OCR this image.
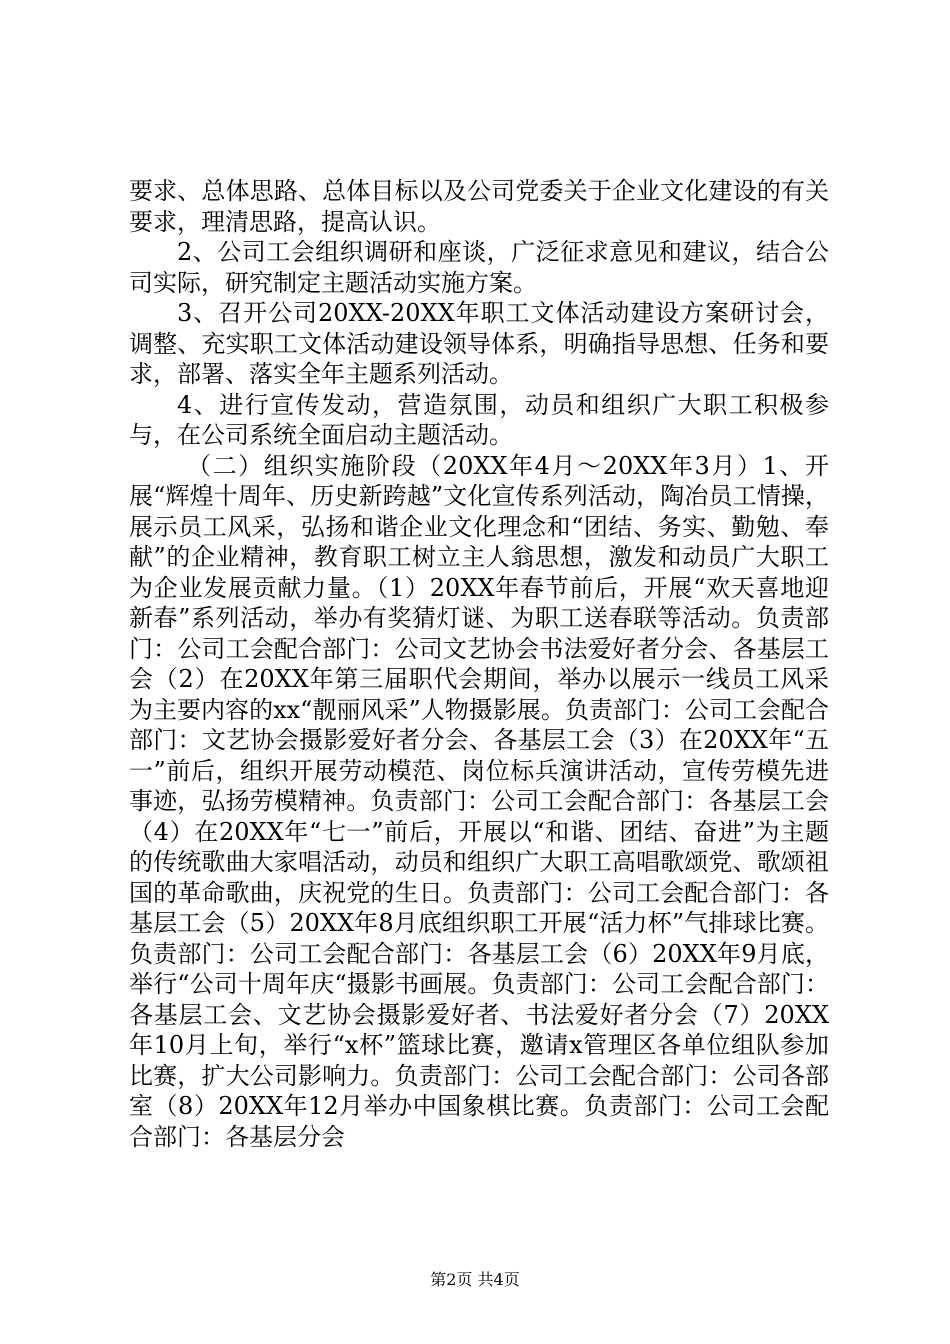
要求、总体思路、总体目标以及公司党委关于企业文化建设的有关要求，理清思路，提高认识。

2、公司工会组织调研和座谈，广泛征求意见和建议，结合公司实际，研究制定主题活动实施方案。

3、召开公司20XX-20XX年职工文体活动建设方案研讨会，调整、充实职工文体活动建设领导体系，明确指导思想、任务和要求，部署、落实全年主题系列活动。

4、进行宣传发动，营造氛围，动员和组织广大职工积极参与，在公司系统全面启动主题活动。

（二）组织实施阶段（20XX年4月～20XX年3月）1、开展“辉煌十周年、历史新跨越”文化宣传系列活动，陶冶员工情操，展示员工风采，弘扬和谐企业文化理念和“团结、务实、勤勉、奉献”的企业精神，教育职工树立主人翁思想，激发和动员广大职工为企业发展贡献力量。（1）20XX年春节前后，开展“欢天喜地迎新春”系列活动，举办有奖猜灯谜、为职工送春联等活动。负责部门：公司工会配合部门：公司文艺协会书法爱好者分会、各基层工会（2）在20XX年第三届职代会期间，举办以展示一线员工风采为主要内容的xx“靓丽风采”人物摄影展。负责部门：公司工会配合部门：文艺协会摄影爱好者分会、各基层工会（3）在20XX年“五一”前后，组织开展劳动模范、岗位标兵演讲活动，宣传劳模先进事迹，弘扬劳模精神。负责部门：公司工会配合部门：各基层工会（4）在20XX年“七一”前后，开展以“和谐、团结、奋进”为主题的传统歌曲大家唱活动，动员和组织广大职工高唱歌颂党、歌颂祖国的革命歌曲，庆祝党的生日。负责部门：公司工会配合部门：各基层工会（5）20XX年8月底组织职工开展“活力杯”气排球比赛。负责部门：公司工会配合部门：各基层工会（6）20XX年9月底，举行“公司十周年庆“摄影书画展。负责部门：公司工会配合部门：各基层工会、文艺协会摄影爱好者、书法爱好者分会（7）20XX年10月上旬，举行“x杯”篮球比赛，邀请x管理区各单位组队参加比赛，扩大公司影响力。负责部门：公司工会配合部门：公司各部室（8）20XX年12月举办中国象棋比赛。负责部门：公司工会配合部门：各基层分会

第2页 共4页
